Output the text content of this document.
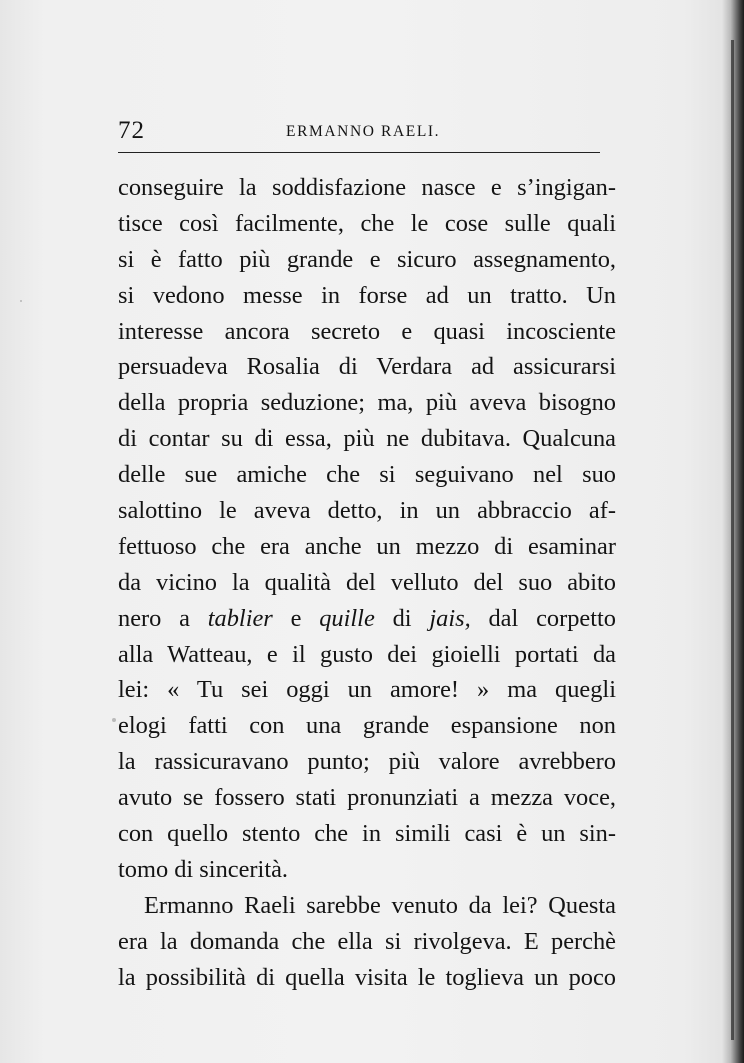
72	ERMANNO RAELI.
conseguire la soddisfazione nasce e s’ingigan-
tisce così facilmente, che le cose sulle quali
si è fatto più grande e sicuro assegnamento,
si vedono messe in forse ad un tratto. Un
interesse ancora secreto e quasi incosciente
persuadeva Rosalia di Verdara ad assicurarsi
della propria seduzione; ma, più aveva bisogno
di contar su di essa, più ne dubitava. Qualcuna
delle sue amiche che si seguivano nel suo
salottino le aveva detto, in un abbraccio af-
fettuoso che era anche un mezzo di esaminar
da vicino la qualità del velluto del suo abito
nero a tablier e quille di jais, dal corpetto
alla Watteau, e il gusto dei gioielli portati da
lei: « Tu sei oggi un amore! » ma quegli
elogi fatti con una grande espansione non
la rassicuravano punto; più valore avrebbero
avuto se fossero stati pronunziati a mezza voce,
con quello stento che in simili casi è un sin-
tomo di sincerità.
Ermanno Raeli sarebbe venuto da lei? Questa
era la domanda che ella si rivolgeva. E perchè
la possibilità di quella visita le toglieva un poco
